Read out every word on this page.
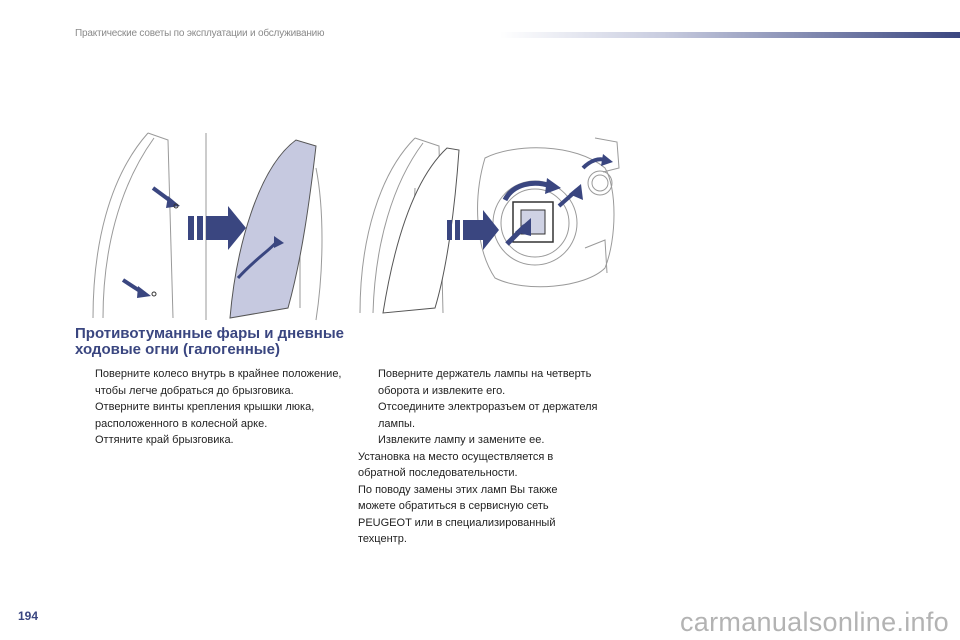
Практические советы по эксплуатации и обслуживанию
Противотуманные фары и дневные ходовые огни (галогенные)
Поверните колесо внутрь в крайнее положение, чтобы легче добраться до брызговика.
Отверните винты крепления крышки люка, расположенного в колесной арке.
Оттяните край брызговика.
Поверните держатель лампы на четверть оборота и извлеките его.
Отсоедините электроразъем от держателя лампы.
Извлеките лампу и замените ее.
Установка на место осуществляется в обратной последовательности.
По поводу замены этих ламп Вы также можете обратиться в сервисную сеть PEUGEOT или в специализированный техцентр.
194	carmanualsonline.info
